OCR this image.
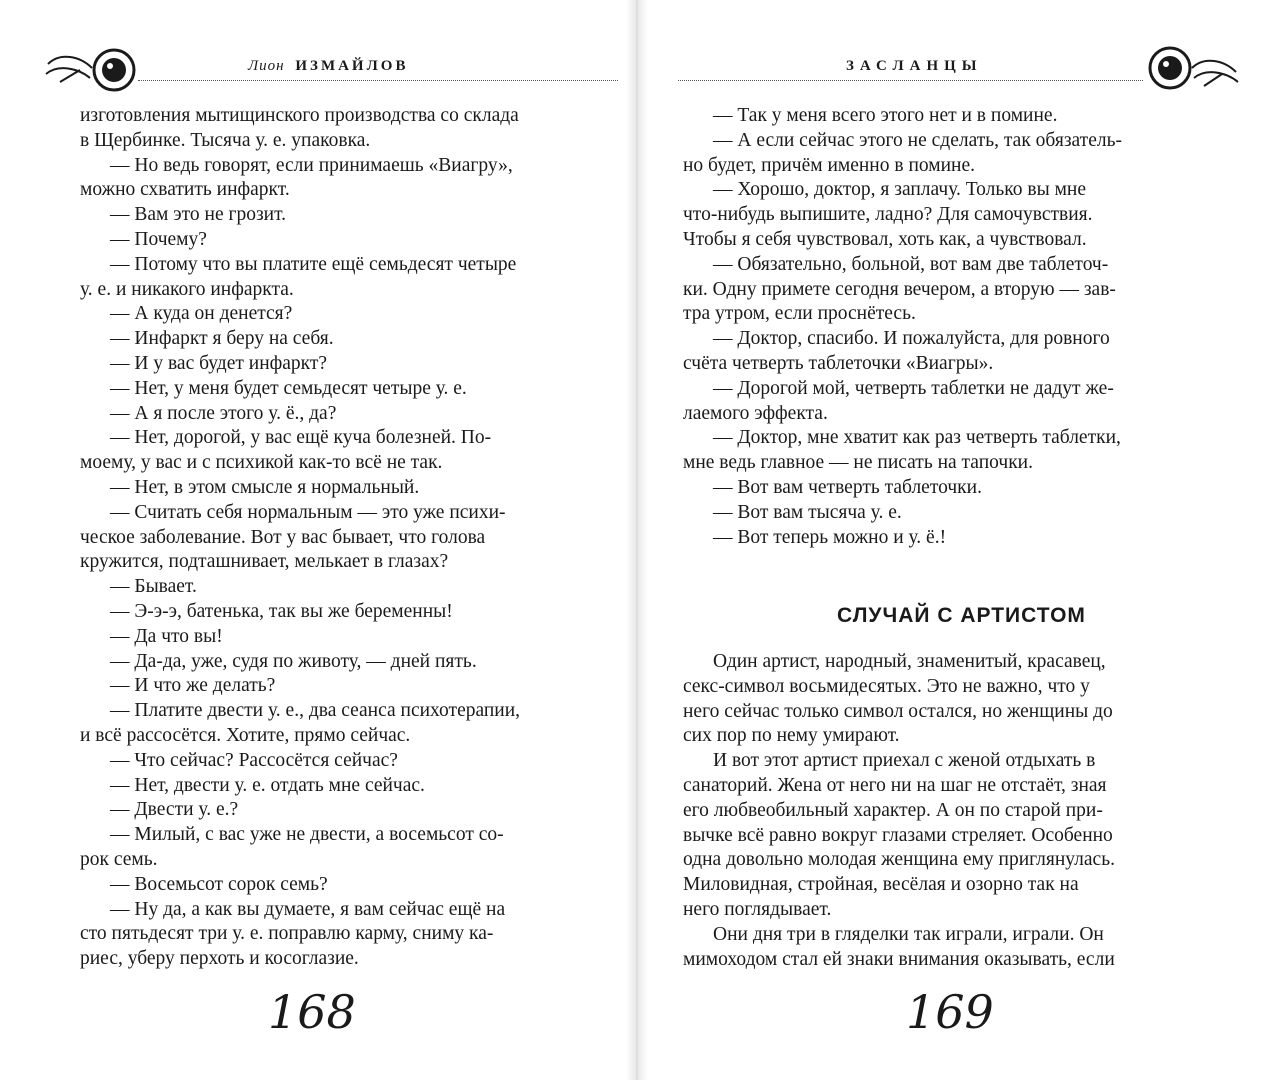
Лион ИЗМАЙЛОВ
изготовления мытищинского производства со склада
в Щербинке. Тысяча у. е. упаковка.
— Но ведь говорят, если принимаешь «Виагру»,
можно схватить инфаркт.
— Вам это не грозит.
— Почему?
— Потому что вы платите ещё семьдесят четыре
у. е. и никакого инфаркта.
— А куда он денется?
— Инфаркт я беру на себя.
— И у вас будет инфаркт?
— Нет, у меня будет семьдесят четыре у. е.
— А я после этого у. ё., да?
— Нет, дорогой, у вас ещё куча болезней. По-
моему, у вас и с психикой как-то всё не так.
— Нет, в этом смысле я нормальный.
— Считать себя нормальным — это уже психи-
ческое заболевание. Вот у вас бывает, что голова
кружится, подташнивает, мелькает в глазах?
— Бывает.
— Э-э-э, батенька, так вы же беременны!
— Да что вы!
— Да-да, уже, судя по животу, — дней пять.
— И что же делать?
— Платите двести у. е., два сеанса психотерапии,
и всё рассосётся. Хотите, прямо сейчас.
— Что сейчас? Рассосётся сейчас?
— Нет, двести у. е. отдать мне сейчас.
— Двести у. е.?
— Милый, с вас уже не двести, а восемьсот со-
рок семь.
— Восемьсот сорок семь?
— Ну да, а как вы думаете, я вам сейчас ещё на
сто пятьдесят три у. е. поправлю карму, сниму ка-
риес, уберу перхоть и косоглазие.
168
ЗАСЛАНЦЫ
— Так у меня всего этого нет и в помине.
— А если сейчас этого не сделать, так обязатель-
но будет, причём именно в помине.
— Хорошо, доктор, я заплачу. Только вы мне
что-нибудь выпишите, ладно? Для самочувствия.
Чтобы я себя чувствовал, хоть как, а чувствовал.
— Обязательно, больной, вот вам две таблеточ-
ки. Одну примете сегодня вечером, а вторую — зав-
тра утром, если проснётесь.
— Доктор, спасибо. И пожалуйста, для ровного
счёта четверть таблеточки «Виагры».
— Дорогой мой, четверть таблетки не дадут же-
лаемого эффекта.
— Доктор, мне хватит как раз четверть таблетки,
мне ведь главное — не писать на тапочки.
— Вот вам четверть таблеточки.
— Вот вам тысяча у. е.
— Вот теперь можно и у. ё.!
СЛУЧАЙ С АРТИСТОМ
Один артист, народный, знаменитый, красавец,
секс-символ восьмидесятых. Это не важно, что у
него сейчас только символ остался, но женщины до
сих пор по нему умирают.
И вот этот артист приехал с женой отдыхать в
санаторий. Жена от него ни на шаг не отстаёт, зная
его любвеобильный характер. А он по старой при-
вычке всё равно вокруг глазами стреляет. Особенно
одна довольно молодая женщина ему приглянулась.
Миловидная, стройная, весёлая и озорно так на
него поглядывает.
Они дня три в гляделки так играли, играли. Он
мимоходом стал ей знаки внимания оказывать, если
169
